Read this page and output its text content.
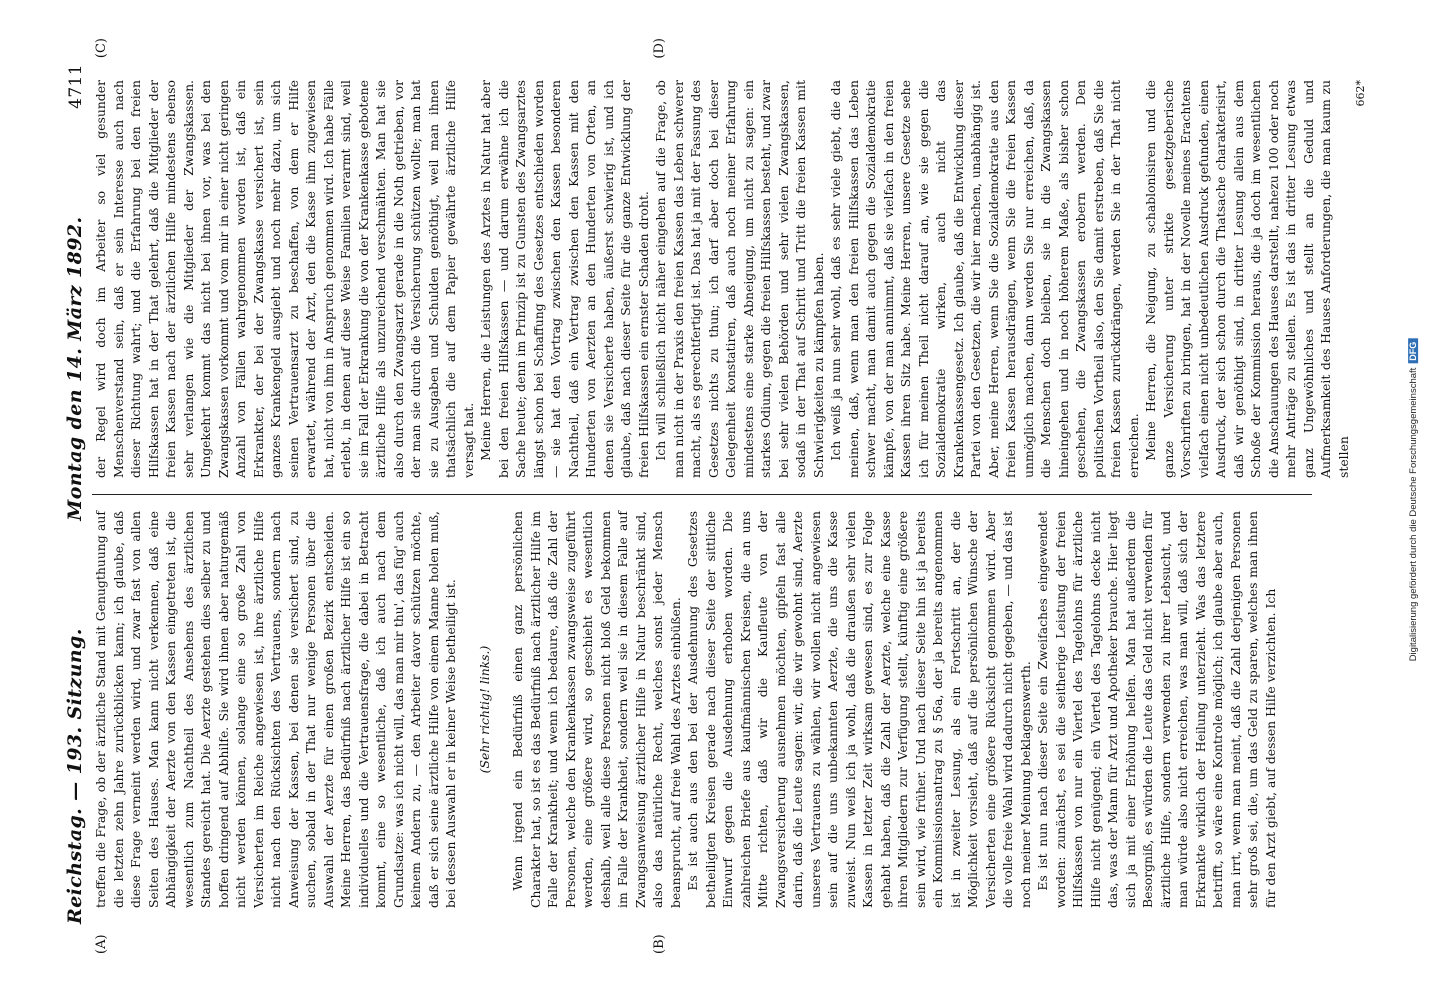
Reichstag. — 193. Sitzung.
Montag den 14. März 1892.
4711
(A)	(B)
(C)	(D)

treffen die Frage, ob der ärztliche Stand mit Genugthuung auf die letzten zehn Jahre zurückblicken kann; ich glaube, daß diese Frage verneint werden wird, und zwar fast von allen Seiten des Hauses. Man kann nicht verkennen, daß eine Abhängigkeit der Aerzte von den Kassen eingetreten ist, die wesentlich zum Nachtheil des Ansehens des ärztlichen Standes gereicht hat. Die Aerzte gestehen dies selber zu und hoffen dringend auf Abhilfe. Sie wird ihnen aber naturgemäß nicht werden können, solange eine so große Zahl von Versicherten im Reiche angewiesen ist, ihre ärztliche Hilfe nicht nach den Rücksichten des Vertrauens, sondern nach Anweisung der Kassen, bei denen sie versichert sind, zu suchen, sobald in der That nur wenige Personen über die Auswahl der Aerzte für einen großen Bezirk entscheiden. Meine Herren, das Bedürfniß nach ärztlicher Hilfe ist ein so individuelles und die Vertrauensfrage, die dabei in Betracht kommt, eine so wesentliche, daß ich auch nach dem Grundsatze: was ich nicht will, das man mir thu', das füg' auch keinem Andern zu, — den Arbeiter davor schützen möchte, daß er sich seine ärztliche Hilfe von einem Manne holen muß, bei dessen Auswahl er in keiner Weise betheiligt ist. (Sehr richtig! links.) Wenn irgend ein Bedürfniß einen ganz persönlichen Charakter hat, so ist es das Bedürfniß nach ärztlicher Hilfe im Falle der Krankheit; und wenn ich bedaure, daß die Zahl der Personen, welche den Krankenkassen zwangsweise zugeführt werden, eine größere wird, so geschieht es wesentlich deshalb, weil alle diese Personen nicht bloß Geld bekommen im Falle der Krankheit, sondern weil sie in diesem Falle auf Zwangsanweisung ärztlicher Hilfe in Natur beschränkt sind, also das natürliche Recht, welches sonst jeder Mensch beansprucht, auf freie Wahl des Arztes einbüßen. Es ist auch aus den bei der Ausdehnung des Gesetzes betheiligten Kreisen gerade nach dieser Seite der sittliche Einwurf gegen die Ausdehnung erhoben worden. Die zahlreichen Briefe aus kaufmännischen Kreisen, die an uns Mitte richten, daß wir die Kaufleute von der Zwangsversicherung ausnehmen möchten, gipfeln fast alle darin, daß die Leute sagen: wir, die wir gewohnt sind, Aerzte unseres Vertrauens zu wählen, wir wollen nicht angewiesen sein auf die uns unbekannten Aerzte, die uns die Kasse zuweist. Nun weiß ich ja wohl, daß die draußen sehr vielen Kassen in letzter Zeit wirksam gewesen sind, es zur Folge gehabt haben, daß die Zahl der Aerzte, welche eine Kasse ihren Mitgliedern zur Verfügung stellt, künftig eine größere sein wird, wie früher. Und nach dieser Seite hin ist ja bereits ein Kommissionsantrag zu § 56a, der ja bereits angenommen ist in zweiter Lesung, als ein Fortschritt an, der die Möglichkeit vorsieht, daß auf die persönlichen Wünsche der Versicherten eine größere Rücksicht genommen wird. Aber die volle freie Wahl wird dadurch nicht gegeben, — und das ist noch meiner Meinung beklagenswerth. Es ist nun nach dieser Seite ein Zweifaches eingewendet worden: zunächst, es sei die seitherige Leistung der freien Hilfskassen von nur ein Viertel des Tagelohns für ärztliche Hilfe nicht genügend; ein Viertel des Tagelohns decke nicht das, was der Mann für Arzt und Apotheker brauche. Hier liegt sich ja mit einer Erhöhung helfen. Man hat außerdem die Besorgniß, es würden die Leute das Geld nicht verwenden für ärztliche Hilfe, sondern verwenden zu ihrer Lebsucht, und man würde also nicht erreichen, was man will, daß sich der Erkrankte wirklich der Heilung unterzieht. Was das letztere betrifft, so wäre eine Kontrole möglich; ich glaube aber auch, man irrt, wenn man meint, daß die Zahl derjenigen Personen sehr groß sei, die, um das Geld zu sparen, welches man ihnen für den Arzt giebt, auf dessen Hilfe verzichten. Ich

der Regel wird doch im Arbeiter so viel gesunder Menschenverstand sein, daß er sein Interesse auch nach dieser Richtung wahrt; und die Erfahrung bei den freien Hilfskassen hat in der That gelehrt, daß die Mitglieder der freien Kassen nach der ärztlichen Hilfe mindestens ebenso sehr verlangen wie die Mitglieder der Zwangskassen. Umgekehrt kommt das nicht bei ihnen vor, was bei den Zwangskassen vorkommt und vom mir in einer nicht geringen Anzahl von Fällen wahrgenommen worden ist, daß ein Erkrankter, der bei der Zwangskasse versichert ist, sein ganzes Krankengeld ausgiebt und noch mehr dazu, um sich seinen Vertrauensarzt zu beschaffen, von dem er Hilfe erwartet, während der Arzt, den die Kasse ihm zugewiesen hat, nicht von ihm in Anspruch genommen wird. Ich habe Fälle erlebt, in denen auf diese Weise Familien verarmt sind, weil sie im Fall der Erkrankung die von der Krankenkasse gebotene ärztliche Hilfe als unzureichend verschmähten. Man hat sie also durch den Zwangsarzt gerade in die Noth getrieben, vor der man sie durch die Versicherung schützen wollte; man hat sie zu Ausgaben und Schulden genöthigt, weil man ihnen thatsächlich die auf dem Papier gewährte ärztliche Hilfe versagt hat. Meine Herren, die Leistungen des Arztes in Natur hat aber bei den freien Hilfskassen — und darum erwähne ich die Sache heute; denn im Prinzip ist zu Gunsten des Zwangsarztes längst schon bei Schaffung des Gesetzes entschieden worden — sie hat den Vortrag zwischen den Kassen besonderen Nachtheil, daß ein Vertrag zwischen den Kassen mit den Hunderten von Aerzten an den Hunderten von Orten, an denen sie Versicherte haben, äußerst schwierig ist, und ich glaube, daß nach dieser Seite für die ganze Entwicklung der freien Hilfskassen ein ernster Schaden droht. Ich will schließlich nicht näher eingehen auf die Frage, ob man nicht in der Praxis den freien Kassen das Leben schwerer macht, als es gerechtfertigt ist. Das hat ja mit der Fassung des Gesetzes nichts zu thun; ich darf aber doch bei dieser Gelegenheit konstatiren, daß auch noch meiner Erfahrung mindestens eine starke Abneigung, um nicht zu sagen: ein starkes Odium, gegen die freien Hilfskassen besteht, und zwar bei sehr vielen Behörden und sehr vielen Zwangskassen, sodaß in der That auf Schritt und Tritt die freien Kassen mit Schwierigkeiten zu kämpfen haben. Ich weiß ja nun sehr wohl, daß es sehr viele giebt, die da meinen, daß, wenn man den freien Hilfskassen das Leben schwer macht, man damit auch gegen die Sozialdemokratie kämpfe, von der man annimmt, daß sie vielfach in den freien Kassen ihren Sitz habe. Meine Herren, unsere Gesetze sehe ich für meinen Theil nicht darauf an, wie sie gegen die Sozialdemokratie wirken, auch nicht das Krankenkassengesetz. Ich glaube, daß die Entwicklung dieser Partei von den Gesetzen, die wir hier machen, unabhängig ist. Aber, meine Herren, wenn Sie die Sozialdemokratie aus den freien Kassen herausdrängen, wenn Sie die freien Kassen unmöglich machen, dann werden Sie nur erreichen, daß, da die Menschen doch bleiben, sie in die Zwangskassen hineingehen und in noch höherem Maße, als bisher schon geschehen, die Zwangskassen erobern werden. Den politischen Vortheil also, den Sie damit erstreben, daß Sie die freien Kassen zurückdrängen, werden Sie in der That nicht erreichen. Meine Herren, die Neigung, zu schablonisiren und die ganze Versicherung unter strikte gesetzgeberische Vorschriften zu bringen, hat in der Novelle meines Erachtens vielfach einen nicht unbedeutlichen Ausdruck gefunden, einen Ausdruck, der sich schon durch die Thatsache charakterisirt, daß wir genöthigt sind, in dritter Lesung allein aus dem Schoße der Kommission heraus, die ja doch im wesentlichen die Anschauungen des Hauses darstellt, nahezu 100 oder noch mehr Anträge zu stellen. Es ist das in dritter Lesung etwas ganz Ungewöhnliches und stellt an die Geduld und Aufmerksamkeit des Hauses Anforderungen, die man kaum zu stellen

662*

Digitalisierung gefördert durch die Deutsche ForschungsgemeinschaftDFG
